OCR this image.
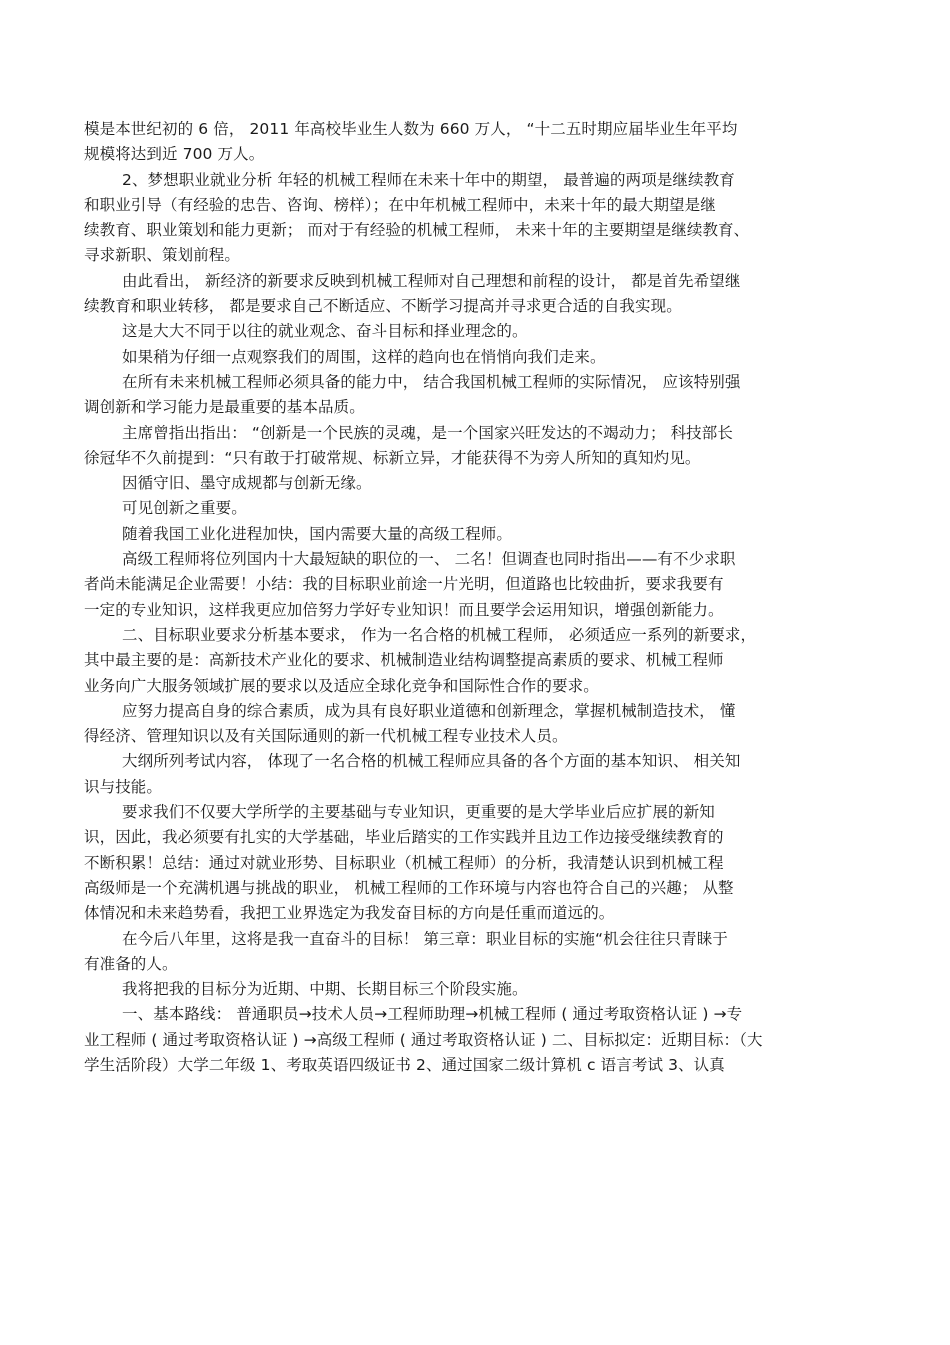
模是本世纪初的 6 倍， 2011 年高校毕业生人数为 660 万人， “十二五时期应届毕业生年平均
规模将达到近 700 万人。
2、梦想职业就业分析 年轻的机械工程师在未来十年中的期望， 最普遍的两项是继续教育
和职业引导（有经验的忠告、咨询、榜样）；在中年机械工程师中，未来十年的最大期望是继
续教育、职业策划和能力更新； 而对于有经验的机械工程师， 未来十年的主要期望是继续教育、
寻求新职、策划前程。
由此看出， 新经济的新要求反映到机械工程师对自己理想和前程的设计， 都是首先希望继
续教育和职业转移， 都是要求自己不断适应、不断学习提高并寻求更合适的自我实现。
这是大大不同于以往的就业观念、奋斗目标和择业理念的。
如果稍为仔细一点观察我们的周围，这样的趋向也在悄悄向我们走来。
在所有未来机械工程师必须具备的能力中， 结合我国机械工程师的实际情况， 应该特别强
调创新和学习能力是最重要的基本品质。
主席曾指出指出： “创新是一个民族的灵魂，是一个国家兴旺发达的不竭动力； 科技部长
徐冠华不久前提到：“只有敢于打破常规、标新立异，才能获得不为旁人所知的真知灼见。
因循守旧、墨守成规都与创新无缘。
可见创新之重要。
随着我国工业化进程加快，国内需要大量的高级工程师。
高级工程师将位列国内十大最短缺的职位的一、 二名！但调查也同时指出——有不少求职
者尚未能满足企业需要！小结：我的目标职业前途一片光明，但道路也比较曲折，要求我要有
一定的专业知识，这样我更应加倍努力学好专业知识！而且要学会运用知识，增强创新能力。
二、目标职业要求分析基本要求， 作为一名合格的机械工程师， 必须适应一系列的新要求，
其中最主要的是：高新技术产业化的要求、机械制造业结构调整提高素质的要求、机械工程师
业务向广大服务领域扩展的要求以及适应全球化竞争和国际性合作的要求。
应努力提高自身的综合素质，成为具有良好职业道德和创新理念，掌握机械制造技术， 懂
得经济、管理知识以及有关国际通则的新一代机械工程专业技术人员。
大纲所列考试内容， 体现了一名合格的机械工程师应具备的各个方面的基本知识、 相关知
识与技能。
要求我们不仅要大学所学的主要基础与专业知识，更重要的是大学毕业后应扩展的新知
识，因此，我必须要有扎实的大学基础，毕业后踏实的工作实践并且边工作边接受继续教育的
不断积累！总结：通过对就业形势、目标职业（机械工程师）的分析，我清楚认识到机械工程
高级师是一个充满机遇与挑战的职业， 机械工程师的工作环境与内容也符合自己的兴趣； 从整
体情况和未来趋势看，我把工业界选定为我发奋目标的方向是任重而道远的。
在今后八年里，这将是我一直奋斗的目标！ 第三章：职业目标的实施“机会往往只青睐于
有准备的人。
我将把我的目标分为近期、中期、长期目标三个阶段实施。
一、基本路线： 普通职员→技术人员→工程师助理→机械工程师 ( 通过考取资格认证 ) →专
业工程师 ( 通过考取资格认证 ) →高级工程师 ( 通过考取资格认证 ) 二、目标拟定：近期目标：（大
学生活阶段）大学二年级 1、考取英语四级证书 2、通过国家二级计算机 c 语言考试 3、认真
